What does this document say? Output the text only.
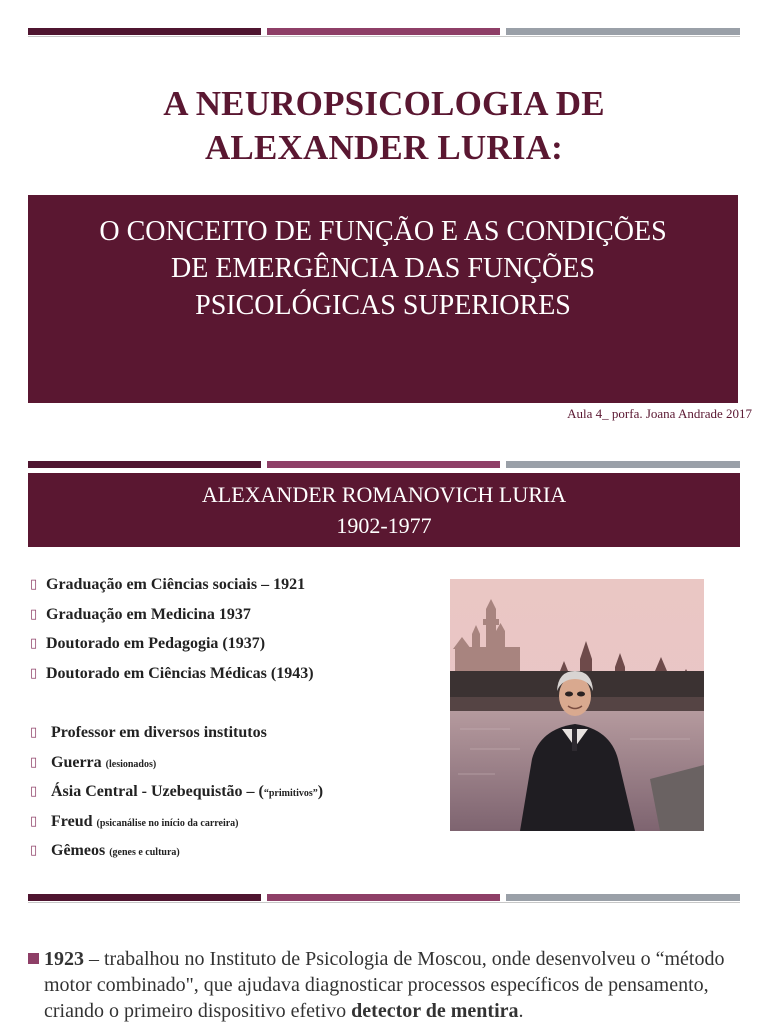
A NEUROPSICOLOGIA DE
ALEXANDER LURIA:
O CONCEITO DE FUNÇÃO E AS CONDIÇÕES
DE EMERGÊNCIA DAS FUNÇÕES
PSICOLÓGICAS SUPERIORES
Aula 4_ porfa. Joana Andrade 2017
ALEXANDER ROMANOVICH LURIA
1902-1977
▯ Graduação em Ciências sociais – 1921
▯ Graduação em Medicina 1937
▯ Doutorado em Pedagogia (1937)
▯ Doutorado em Ciências Médicas (1943)
▯ Professor em diversos institutos
▯ Guerra (lesionados)
▯ Ásia Central - Uzebequistão – (“primitivos”)
▯ Freud (psicanálise no início da carreira)
▯ Gêmeos (genes e cultura)
1923 – trabalhou no Instituto de Psicologia de Moscou, onde desenvolveu o “método motor combinado", que ajudava diagnosticar processos específicos de pensamento, criando o primeiro dispositivo efetivo detector de mentira.
